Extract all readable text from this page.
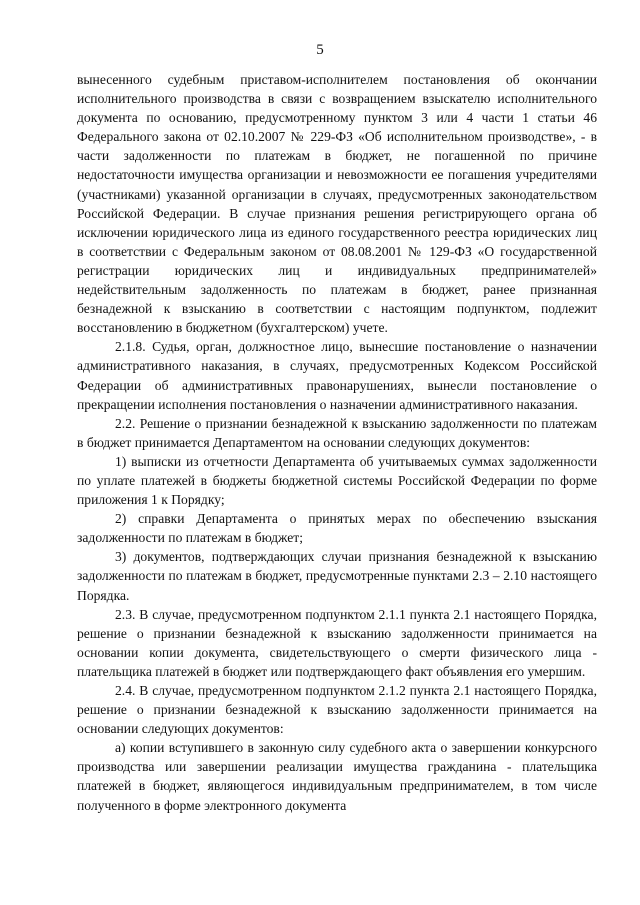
5

вынесенного судебным приставом-исполнителем постановления об окончании исполнительного производства в связи с возвращением взыскателю исполнительного документа по основанию, предусмотренному пунктом 3 или 4 части 1 статьи 46 Федерального закона от 02.10.2007 № 229-ФЗ «Об исполнительном производстве», - в части задолженности по платежам в бюджет, не погашенной по причине недостаточности имущества организации и невозможности ее погашения учредителями (участниками) указанной организации в случаях, предусмотренных законодательством Российской Федерации. В случае признания решения регистрирующего органа об исключении юридического лица из единого государственного реестра юридических лиц в соответствии с Федеральным законом от 08.08.2001 № 129-ФЗ «О государственной регистрации юридических лиц и индивидуальных предпринимателей» недействительным задолженность по платежам в бюджет, ранее признанная безнадежной к взысканию в соответствии с настоящим подпунктом, подлежит восстановлению в бюджетном (бухгалтерском) учете.

2.1.8. Судья, орган, должностное лицо, вынесшие постановление о назначении административного наказания, в случаях, предусмотренных Кодексом Российской Федерации об административных правонарушениях, вынесли постановление о прекращении исполнения постановления о назначении административного наказания.

2.2. Решение о признании безнадежной к взысканию задолженности по платежам в бюджет принимается Департаментом на основании следующих документов:

1) выписки из отчетности Департамента об учитываемых суммах задолженности по уплате платежей в бюджеты бюджетной системы Российской Федерации по форме приложения 1 к Порядку;

2) справки Департамента о принятых мерах по обеспечению взыскания задолженности по платежам в бюджет;

3) документов, подтверждающих случаи признания безнадежной к взысканию задолженности по платежам в бюджет, предусмотренные пунктами 2.3 – 2.10 настоящего Порядка.

2.3. В случае, предусмотренном подпунктом 2.1.1 пункта 2.1 настоящего Порядка, решение о признании безнадежной к взысканию задолженности принимается на основании копии документа, свидетельствующего о смерти физического лица - плательщика платежей в бюджет или подтверждающего факт объявления его умершим.

2.4. В случае, предусмотренном подпунктом 2.1.2 пункта 2.1 настоящего Порядка, решение о признании безнадежной к взысканию задолженности принимается на основании следующих документов:

а) копии вступившего в законную силу судебного акта о завершении конкурсного производства или завершении реализации имущества гражданина - плательщика платежей в бюджет, являющегося индивидуальным предпринимателем, в том числе полученного в форме электронного документа
